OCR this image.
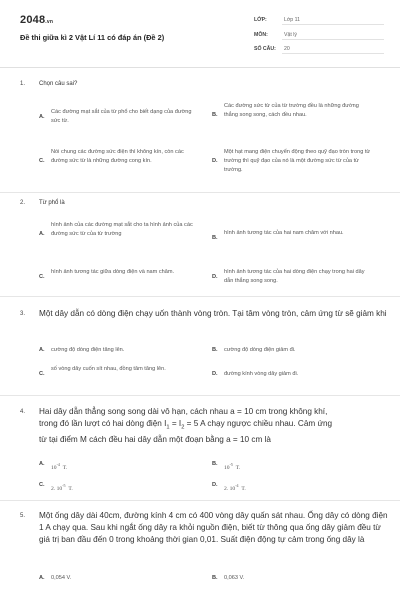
2048.vn
Đề thi giữa kì 2 Vật Lí 11 có đáp án (Đề 2)
LỚP:	Lớp 11
MÔN:	Vật lý
SỐ CÂU: 20
1. Chọn câu sai?
A.
Các đường mạt sắt của từ phổ cho biết dạng của đường sức từ.
B.
Các đường sức từ của từ trường đều là những đường thẳng song song, cách đều nhau.
C.
Nói chung các đường sức điện thì không kín, còn các đường sức từ là những đường cong kín.	D.
Một hạt mang điện chuyển động theo quỹ đạo tròn trong từ trường thì quỹ đạo của nó là một đường sức từ của từ trường.
2. Từ phổ là
A.
hình ảnh của các đường mạt sắt cho ta hình ảnh của các đường sức từ của từ trường
B.
hình ảnh tương tác của hai nam châm với nhau.
C.
hình ảnh tương tác giữa dòng điện và nam châm.
D.
hình ảnh tương tác của hai dòng điện chạy trong hai dây dẫn thẳng song song.
3. Một dây dẫn có dòng điện chạy uốn thành vòng tròn. Tại tâm vòng tròn, cảm ứng từ sẽ giảm khi
A. cường độ dòng điện tăng lên.	B. cường độ dòng điện giảm đi.
C.
số vòng dây cuốn sít nhau, đồng tâm tăng lên.
D. đường kính vòng dây giảm đi.
4. Hai dây dẫn thẳng song song dài vô hạn, cách nhau a = 10 cm trong không khí,
trong đó lần lượt có hai dòng điện $I_1 = I_2 = 5$ A chạy ngược chiều nhau. Cảm ứng
từ tại điểm M cách đều hai dây dẫn một đoạn bằng a = 10 cm là
A.
$10^{-4}$  T.
B.
$10^{-5}$  T.
C.
2. $10^{-5}$  T.
D.
2. $10^{-4}$  T.
5. Một ống dây dài 40cm, đường kính 4 cm có 400 vòng dây quấn sát nhau. Ống dây có dòng điện 1 A chạy qua. Sau khi ngắt ống dây ra khỏi nguồn điện, biết từ thông qua ống dây giảm đều từ giá trị ban đầu đến 0 trong khoảng thời gian 0,01. Suất điện động tự cảm trong ống dây là
A. 0,054 V.	B. 0,063 V.
